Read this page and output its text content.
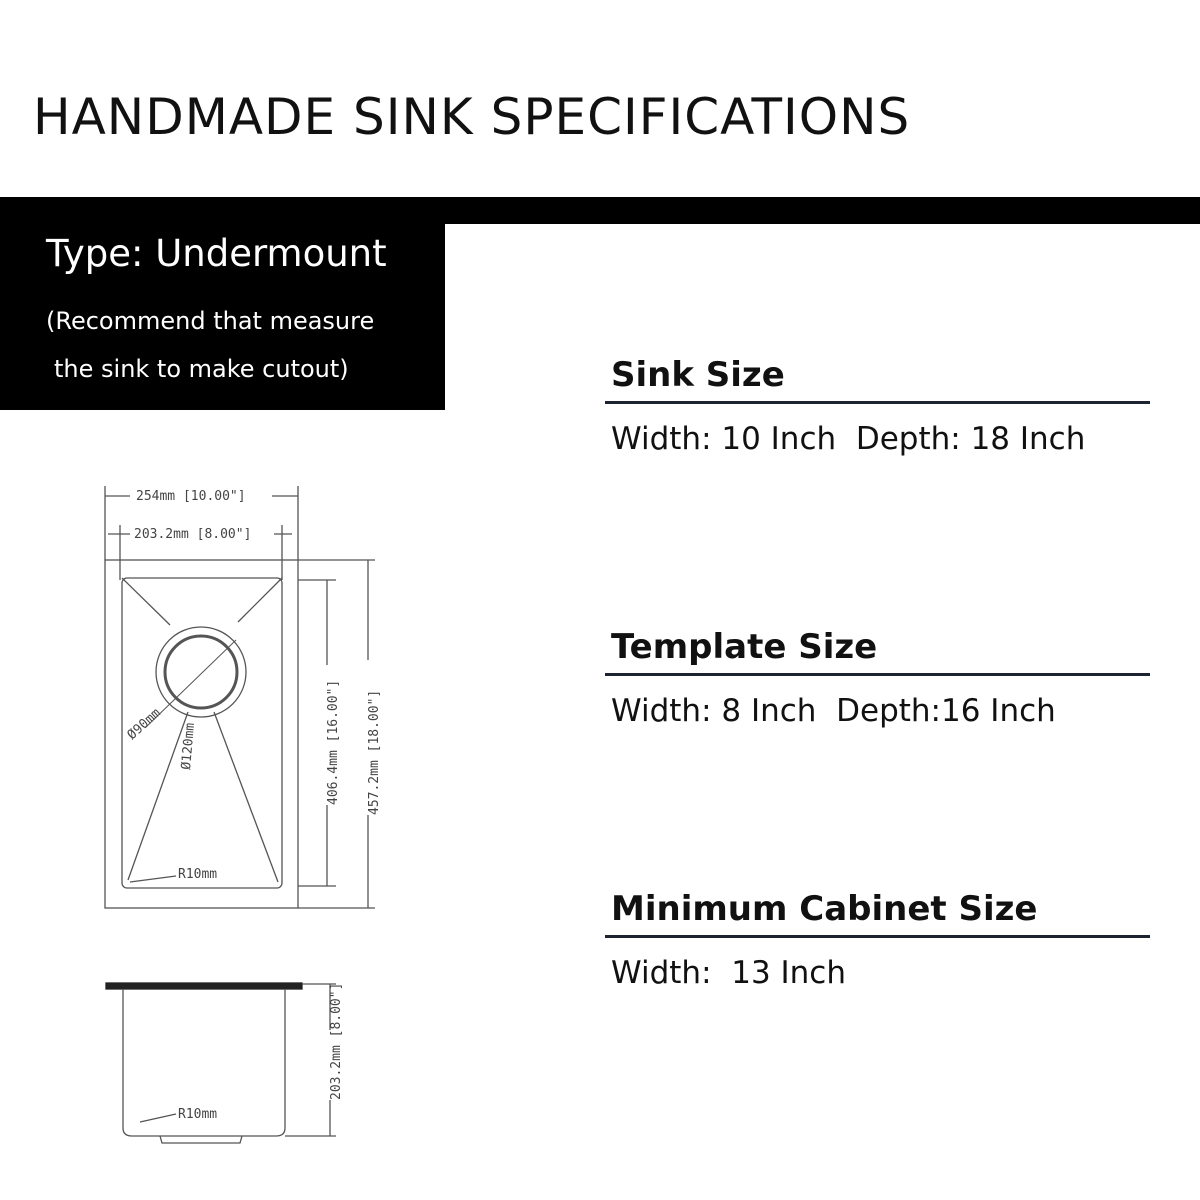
HANDMADE SINK SPECIFICATIONS
Type: Undermount
(Recommend that measure
the sink to make cutout)	Sink Size
Width: 10 Inch  Depth: 18 Inch
Template Size
Width: 8 Inch  Depth:16 Inch
Minimum Cabinet Size
Width:  13 Inch
254mm [10.00"]
203.2mm [8.00"]
406.4mm [16.00"] 457.2mm [18.00"]
Ø90mm Ø120mm
R10mm
203.2mm [8.00"]
R10mm
